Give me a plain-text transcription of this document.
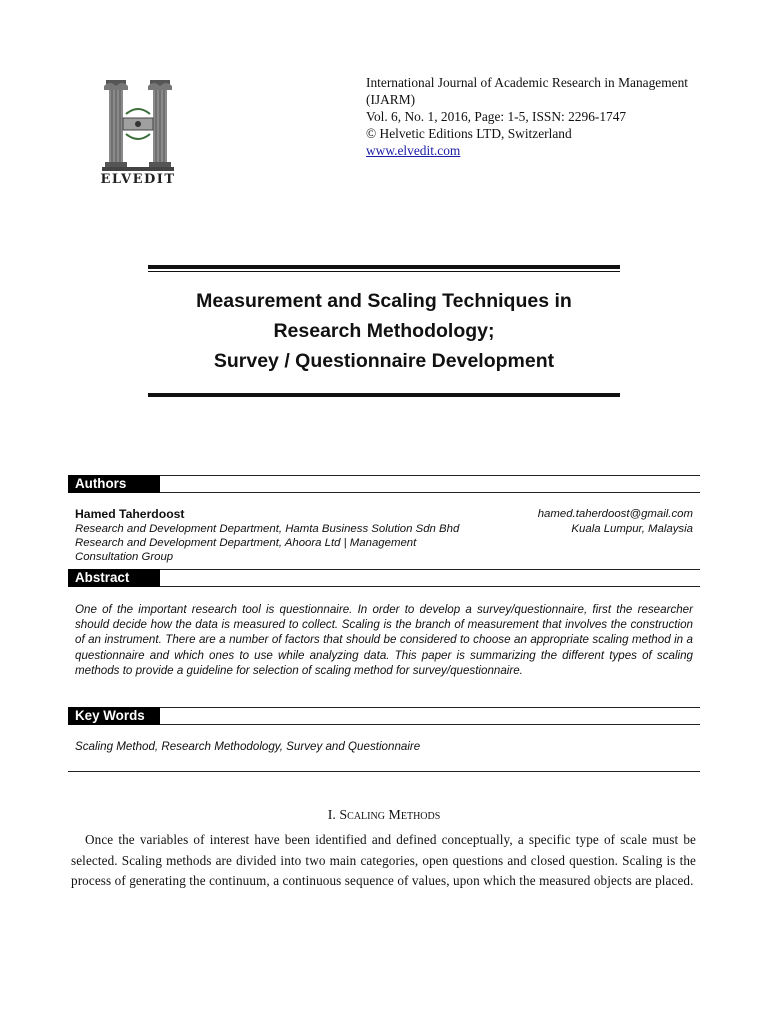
ELVEDIT
International Journal of Academic Research in Management
(IJARM)
Vol. 6, No. 1, 2016, Page: 1-5, ISSN: 2296-1747
© Helvetic Editions LTD, Switzerland
www.elvedit.com
Measurement and Scaling Techniques in
Research Methodology;
Survey / Questionnaire Development
Authors
Hamed Taherdoost
Research and Development Department, Hamta Business Solution Sdn Bhd
Research and Development Department, Ahoora Ltd | Management
Consultation Group
hamed.taherdoost@gmail.com
Kuala Lumpur, Malaysia
Abstract
One of the important research tool is questionnaire. In order to develop a survey/questionnaire, first the researcher should decide how the data is measured to collect. Scaling is the branch of measurement that involves the construction of an instrument. There are a number of factors that should be considered to choose an appropriate scaling method in a questionnaire and which ones to use while analyzing data. This paper is summarizing the different types of scaling methods to provide a guideline for selection of scaling method for survey/questionnaire.
Key Words
Scaling Method, Research Methodology, Survey and Questionnaire
I. Scaling Methods
Once the variables of interest have been identified and defined conceptually, a specific type of scale must be selected. Scaling methods are divided into two main categories, open questions and closed question. Scaling is the process of generating the continuum, a continuous sequence of values, upon which the measured objects are placed.
